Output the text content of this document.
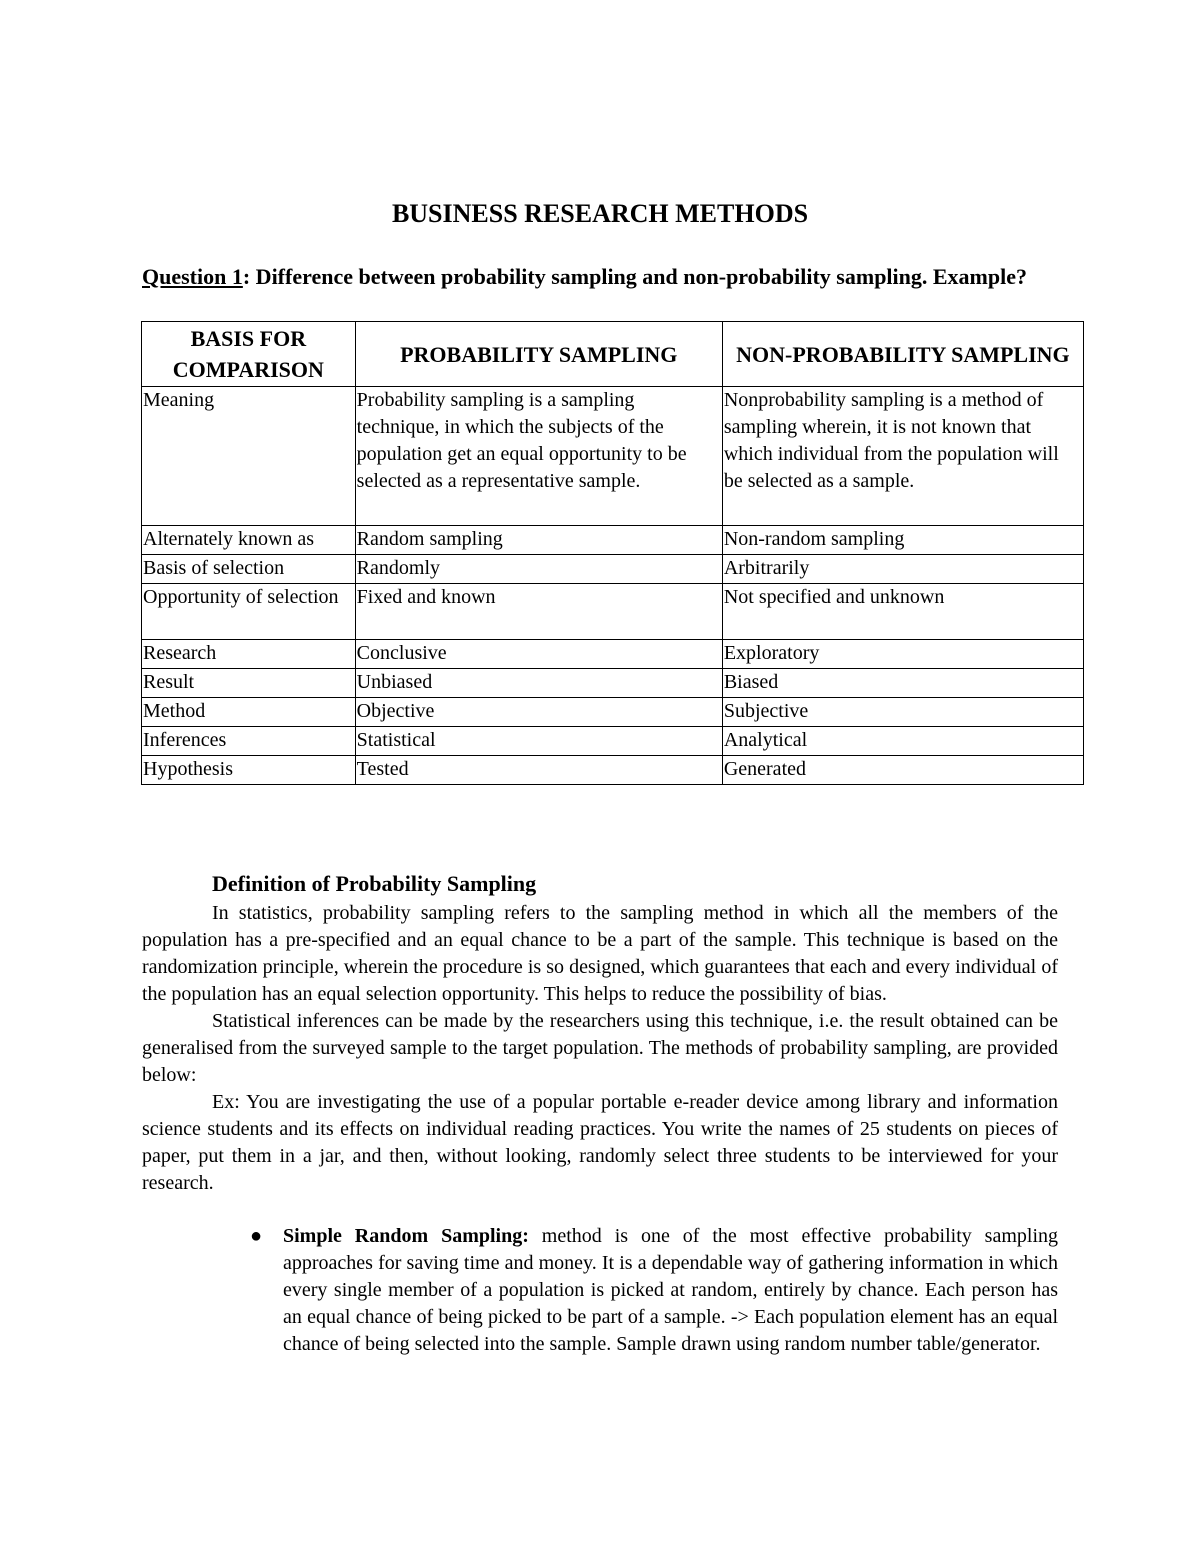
BUSINESS RESEARCH METHODS
Question 1: Difference between probability sampling and non-probability sampling. Example?
BASIS FOR COMPARISON	PROBABILITY SAMPLING	NON-PROBABILITY SAMPLING
Meaning	Probability sampling is a sampling technique, in which the subjects of the population get an equal opportunity to be selected as a representative sample.	Nonprobability sampling is a method of sampling wherein, it is not known that which individual from the population will be selected as a sample.
Alternately known as	Random sampling	Non-random sampling
Basis of selection	Randomly	Arbitrarily
Opportunity of selection	Fixed and known	Not specified and unknown
Research	Conclusive	Exploratory
Result	Unbiased	Biased
Method	Objective	Subjective
Inferences	Statistical	Analytical
Hypothesis	Tested	Generated
Definition of Probability Sampling

In statistics, probability sampling refers to the sampling method in which all the members of the population has a pre-specified and an equal chance to be a part of the sample. This technique is based on the randomization principle, wherein the procedure is so designed, which guarantees that each and every individual of the population has an equal selection opportunity. This helps to reduce the possibility of bias.

Statistical inferences can be made by the researchers using this technique, i.e. the result obtained can be generalised from the surveyed sample to the target population. The methods of probability sampling, are provided below:

Ex: You are investigating the use of a popular portable e-reader device among library and information science students and its effects on individual reading practices. You write the names of 25 students on pieces of paper, put them in a jar, and then, without looking, randomly select three students to be interviewed for your research.

● Simple Random Sampling: method is one of the most effective probability sampling approaches for saving time and money. It is a dependable way of gathering information in which every single member of a population is picked at random, entirely by chance. Each person has an equal chance of being picked to be part of a sample. -> Each population element has an equal chance of being selected into the sample. Sample drawn using random number table/generator.
